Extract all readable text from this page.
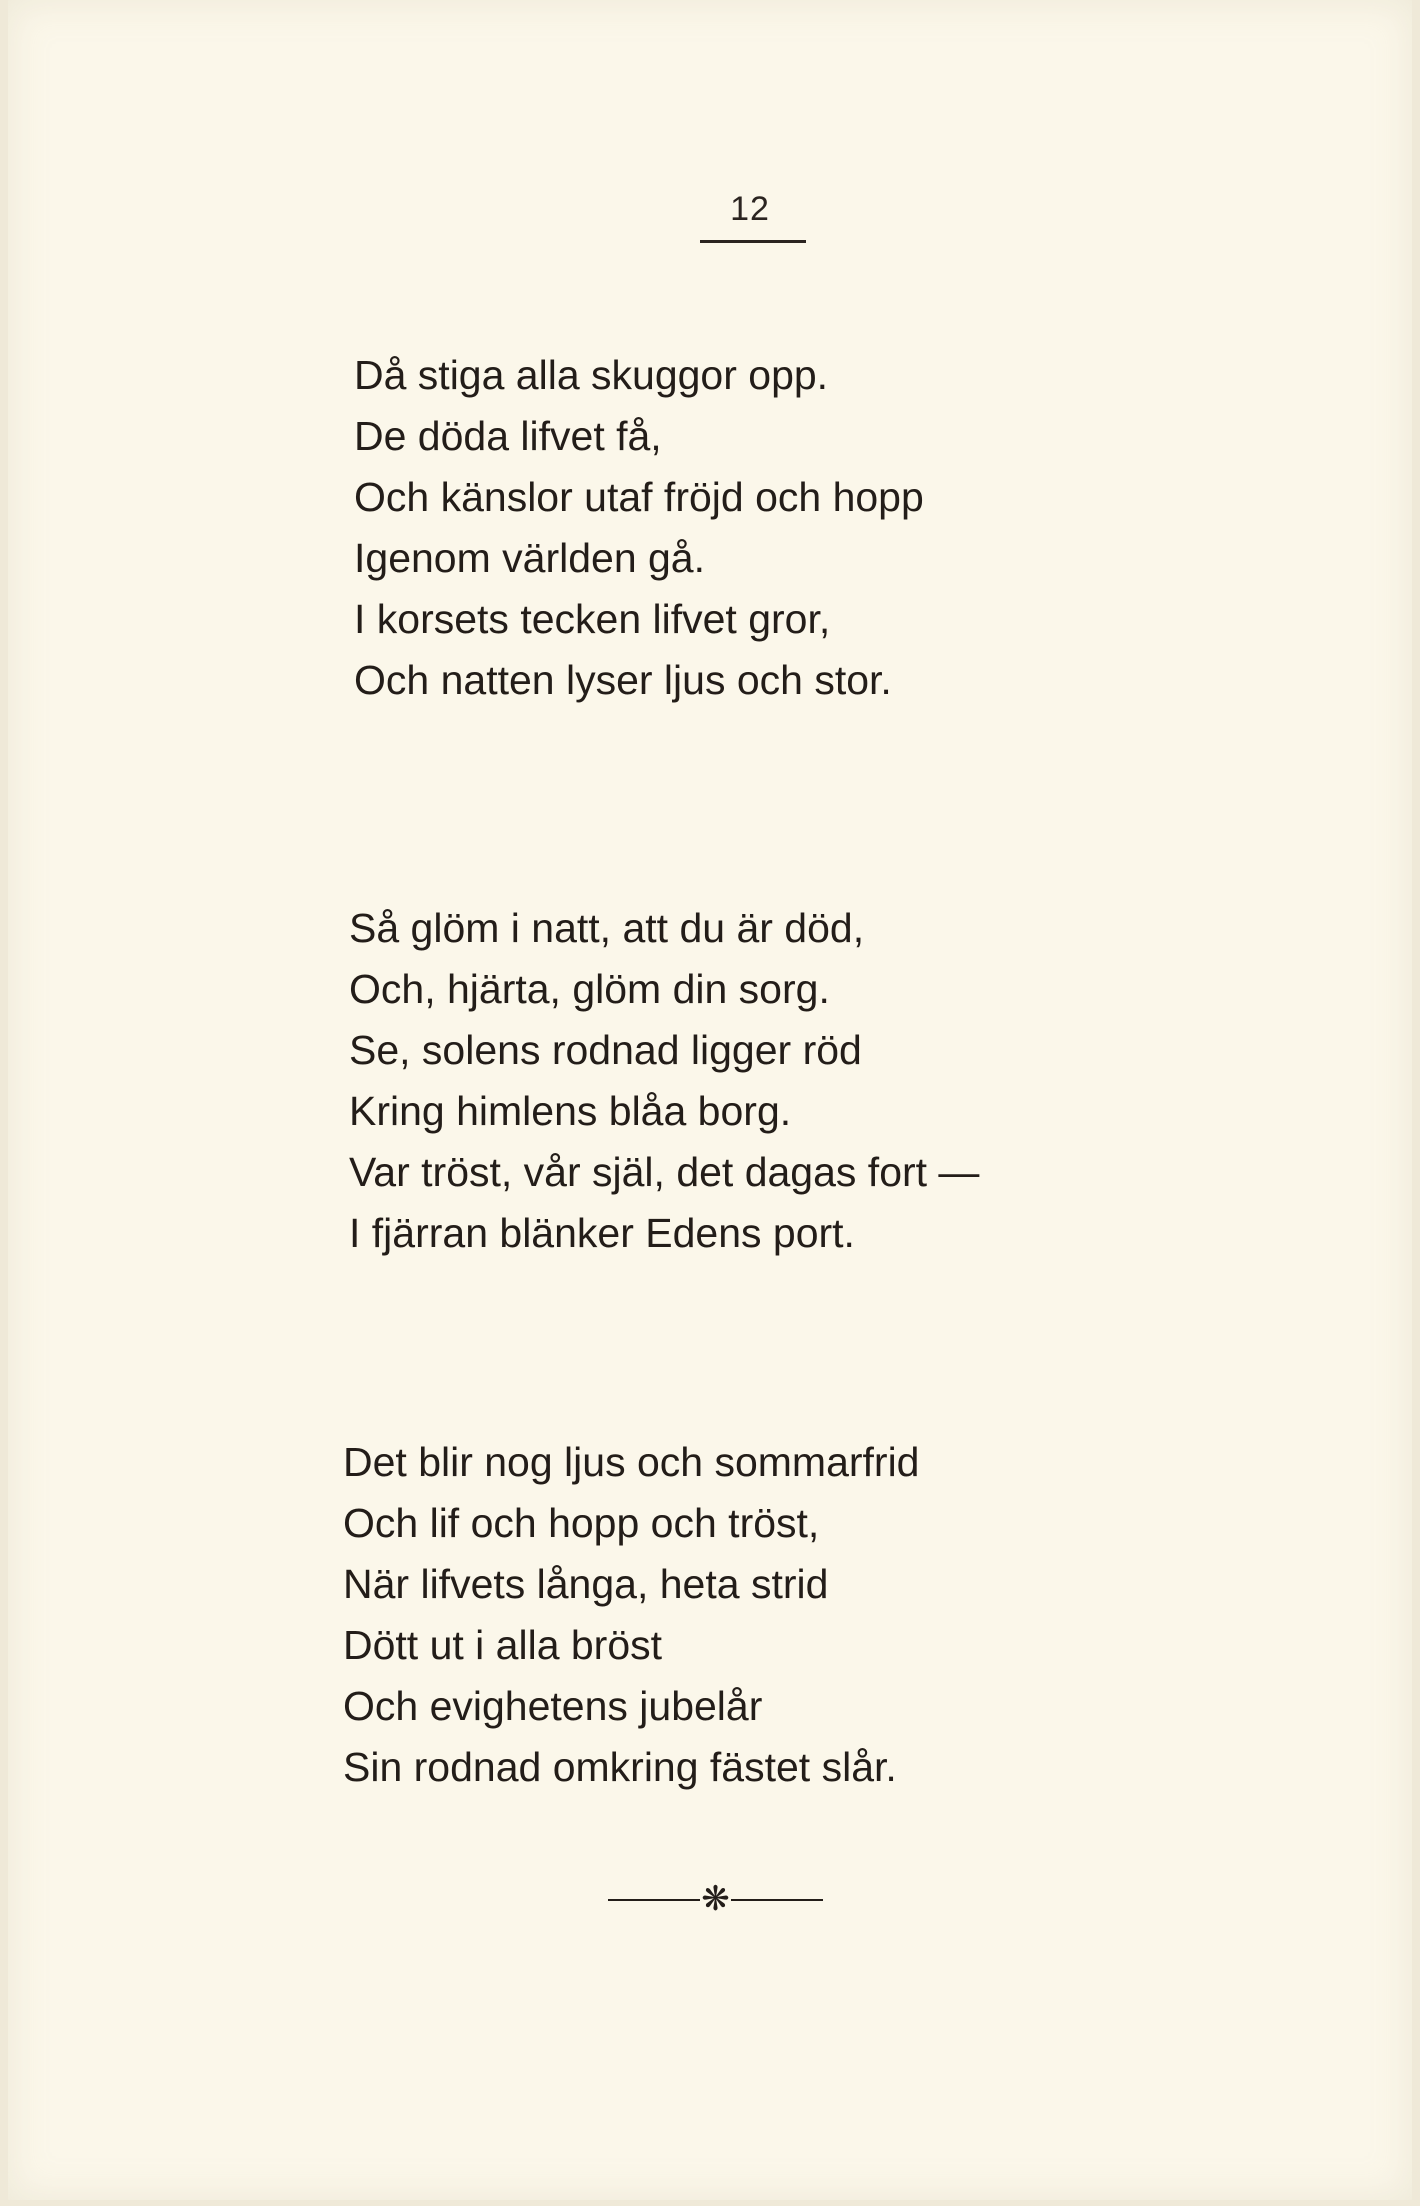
12
Då stiga alla skuggor opp.
De döda lifvet få,
Och känslor utaf fröjd och hopp
Igenom världen gå.
I korsets tecken lifvet gror,
Och natten lyser ljus och stor.
Så glöm i natt, att du är död,
Och, hjärta, glöm din sorg.
Se, solens rodnad ligger röd
Kring himlens blåa borg.
Var tröst, vår själ, det dagas fort —
I fjärran blänker Edens port.
Det blir nog ljus och sommarfrid
Och lif och hopp och tröst,
När lifvets långa, heta strid
Dött ut i alla bröst
Och evighetens jubelår
Sin rodnad omkring fästet slår.
❋
